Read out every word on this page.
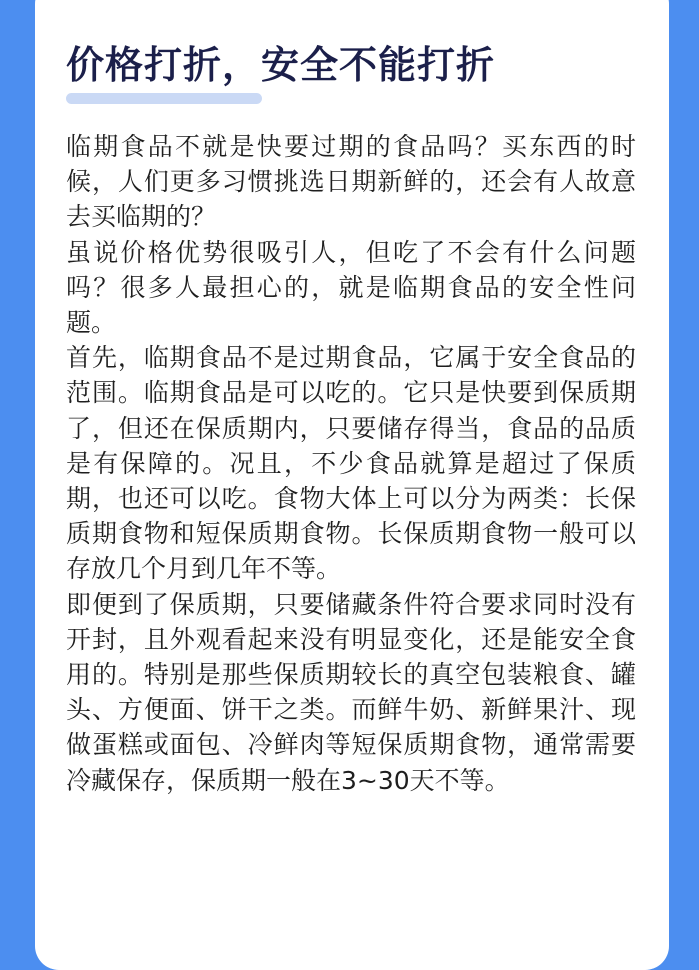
价格打折，安全不能打折

临期食品不就是快要过期的食品吗？买东西的时候，人们更多习惯挑选日期新鲜的，还会有人故意去买临期的？

虽说价格优势很吸引人，但吃了不会有什么问题吗？很多人最担心的，就是临期食品的安全性问题。

首先，临期食品不是过期食品，它属于安全食品的范围。临期食品是可以吃的。它只是快要到保质期了，但还在保质期内，只要储存得当，食品的品质是有保障的。况且，不少食品就算是超过了保质期，也还可以吃。食物大体上可以分为两类：长保质期食物和短保质期食物。长保质期食物一般可以存放几个月到几年不等。

即便到了保质期，只要储藏条件符合要求同时没有开封，且外观看起来没有明显变化，还是能安全食用的。特别是那些保质期较长的真空包装粮食、罐头、方便面、饼干之类。而鲜牛奶、新鲜果汁、现做蛋糕或面包、冷鲜肉等短保质期食物，通常需要冷藏保存，保质期一般在3~30天不等。
